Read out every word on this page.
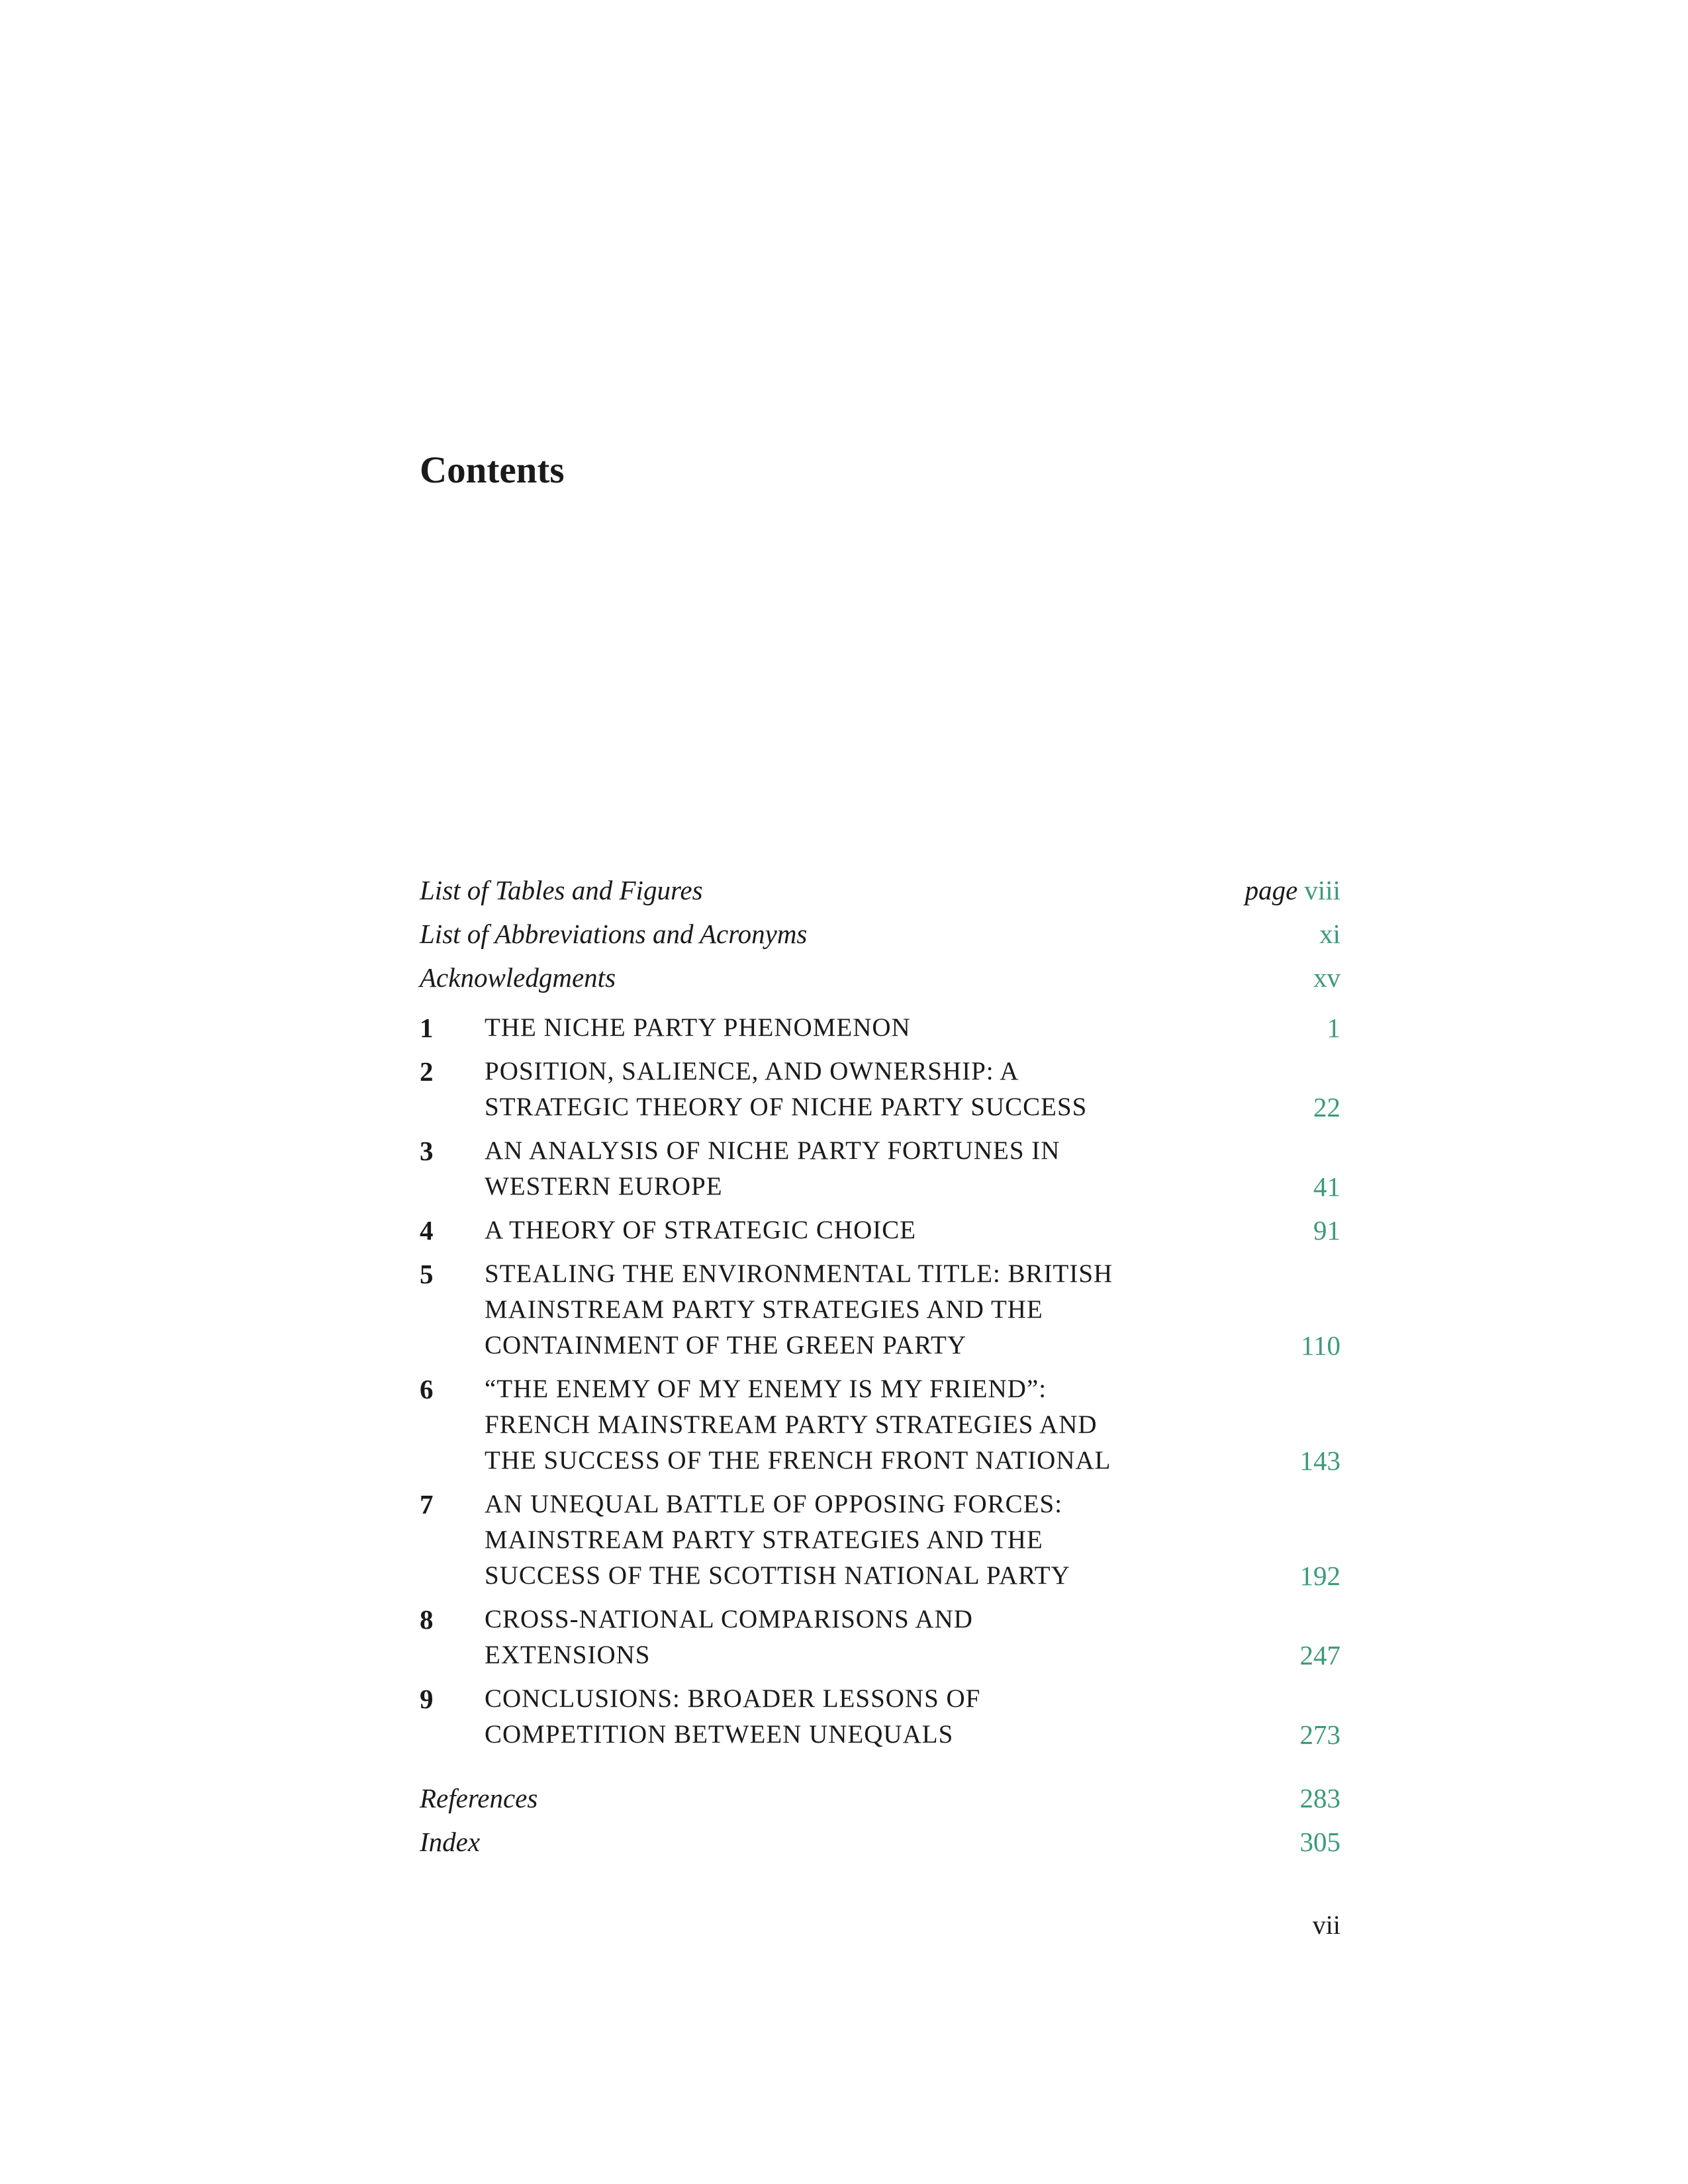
Contents
List of Tables and Figures	page viii
List of Abbreviations and Acronyms	xi
Acknowledgments	xv
1	THE NICHE PARTY PHENOMENON	1
2	POSITION, SALIENCE, AND OWNERSHIP: A
STRATEGIC THEORY OF NICHE PARTY SUCCESS	22
3	AN ANALYSIS OF NICHE PARTY FORTUNES IN
WESTERN EUROPE	41
4	A THEORY OF STRATEGIC CHOICE	91
5	STEALING THE ENVIRONMENTAL TITLE: BRITISH
MAINSTREAM PARTY STRATEGIES AND THE
CONTAINMENT OF THE GREEN PARTY	110
6	“THE ENEMY OF MY ENEMY IS MY FRIEND”:
FRENCH MAINSTREAM PARTY STRATEGIES AND
THE SUCCESS OF THE FRENCH FRONT NATIONAL	143
7	AN UNEQUAL BATTLE OF OPPOSING FORCES:
MAINSTREAM PARTY STRATEGIES AND THE
SUCCESS OF THE SCOTTISH NATIONAL PARTY	192
8	CROSS-NATIONAL COMPARISONS AND
EXTENSIONS	247
9	CONCLUSIONS: BROADER LESSONS OF
COMPETITION BETWEEN UNEQUALS	273
References	283
Index	305
vii
